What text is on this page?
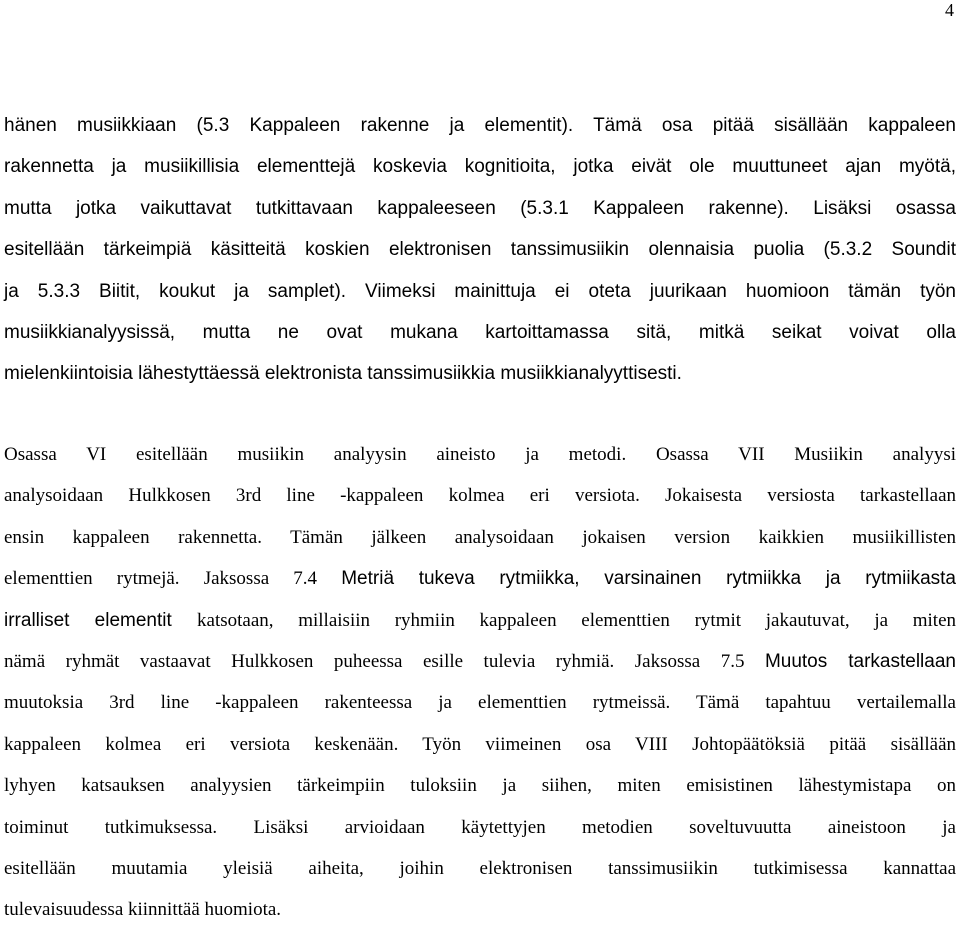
4

hänen musiikkiaan (5.3 Kappaleen rakenne ja elementit). Tämä osa pitää sisällään kappaleen
rakennetta ja musiikillisia elementtejä koskevia kognitioita, jotka eivät ole muuttuneet ajan myötä,
mutta jotka vaikuttavat tutkittavaan kappaleeseen (5.3.1 Kappaleen rakenne). Lisäksi osassa
esitellään tärkeimpiä käsitteitä koskien elektronisen tanssimusiikin olennaisia puolia (5.3.2 Soundit
ja 5.3.3 Biitit, koukut ja samplet). Viimeksi mainittuja ei oteta juurikaan huomioon tämän työn
musiikkianalyysissä, mutta ne ovat mukana kartoittamassa sitä, mitkä seikat voivat olla
mielenkiintoisia lähestyttäessä elektronista tanssimusiikkia musiikkianalyyttisesti.

Osassa VI esitellään musiikin analyysin aineisto ja metodi. Osassa VII Musiikin analyysi
analysoidaan Hulkkosen 3rd line -kappaleen kolmea eri versiota. Jokaisesta versiosta tarkastellaan
ensin kappaleen rakennetta. Tämän jälkeen analysoidaan jokaisen version kaikkien musiikillisten
elementtien rytmejä. Jaksossa 7.4 Metriä tukeva rytmiikka, varsinainen rytmiikka ja rytmiikasta
irralliset elementit katsotaan, millaisiin ryhmiin kappaleen elementtien rytmit jakautuvat, ja miten
nämä ryhmät vastaavat Hulkkosen puheessa esille tulevia ryhmiä. Jaksossa 7.5 Muutos tarkastellaan
muutoksia 3rd line -kappaleen rakenteessa ja elementtien rytmeissä. Tämä tapahtuu vertailemalla
kappaleen kolmea eri versiota keskenään. Työn viimeinen osa VIII Johtopäätöksiä pitää sisällään
lyhyen katsauksen analyysien tärkeimpiin tuloksiin ja siihen, miten emisistinen lähestymistapa on
toiminut tutkimuksessa. Lisäksi arvioidaan käytettyjen metodien soveltuvuutta aineistoon ja
esitellään muutamia yleisiä aiheita, joihin elektronisen tanssimusiikin tutkimisessa kannattaa
tulevaisuudessa kiinnittää huomiota.
